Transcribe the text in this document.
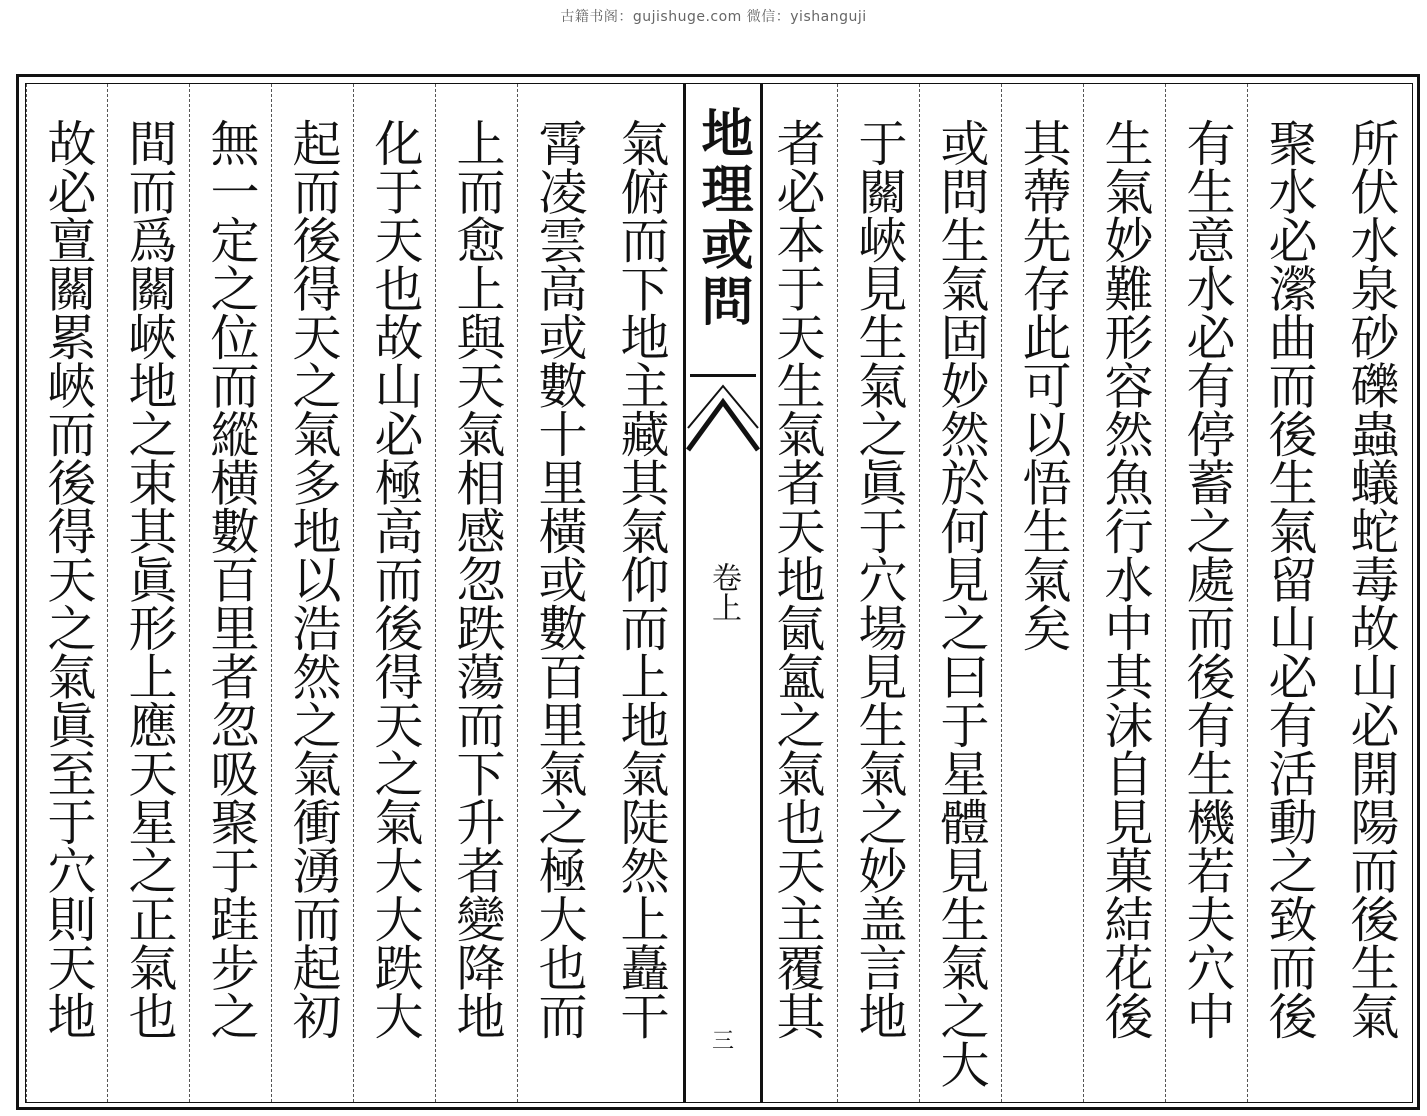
古籍书阁：gujishuge.com 微信：yishanguji
所伏水泉砂礫蟲蟻蛇毒故山必開陽而後生氣
聚水必瀠曲而後生氣留山必有活動之致而後
有生意水必有停蓄之處而後有生機若夫穴中
生氣妙難形容然魚行水中其沫自見菓結花後
其蔕先存此可以悟生氣矣
或問生氣固妙然於何見之曰于星體見生氣之大
于關峽見生氣之眞于穴場見生氣之妙盖言地
者必本于天生氣者天地氤氳之氣也天主覆其
地理或問
卷上
三
氣俯而下地主藏其氣仰而上地氣陡然上矗干
霄凌雲高或數十里橫或數百里氣之極大也而
上而愈上與天氣相感忽跌蕩而下升者變降地
化于天也故山必極高而後得天之氣大大跌大
起而後得天之氣多地以浩然之氣衝湧而起初
無一定之位而縱横數百里者忽吸聚于跬步之
間而爲關峽地之束其眞形上應天星之正氣也
故必亶關累峽而後得天之氣眞至于穴則天地
